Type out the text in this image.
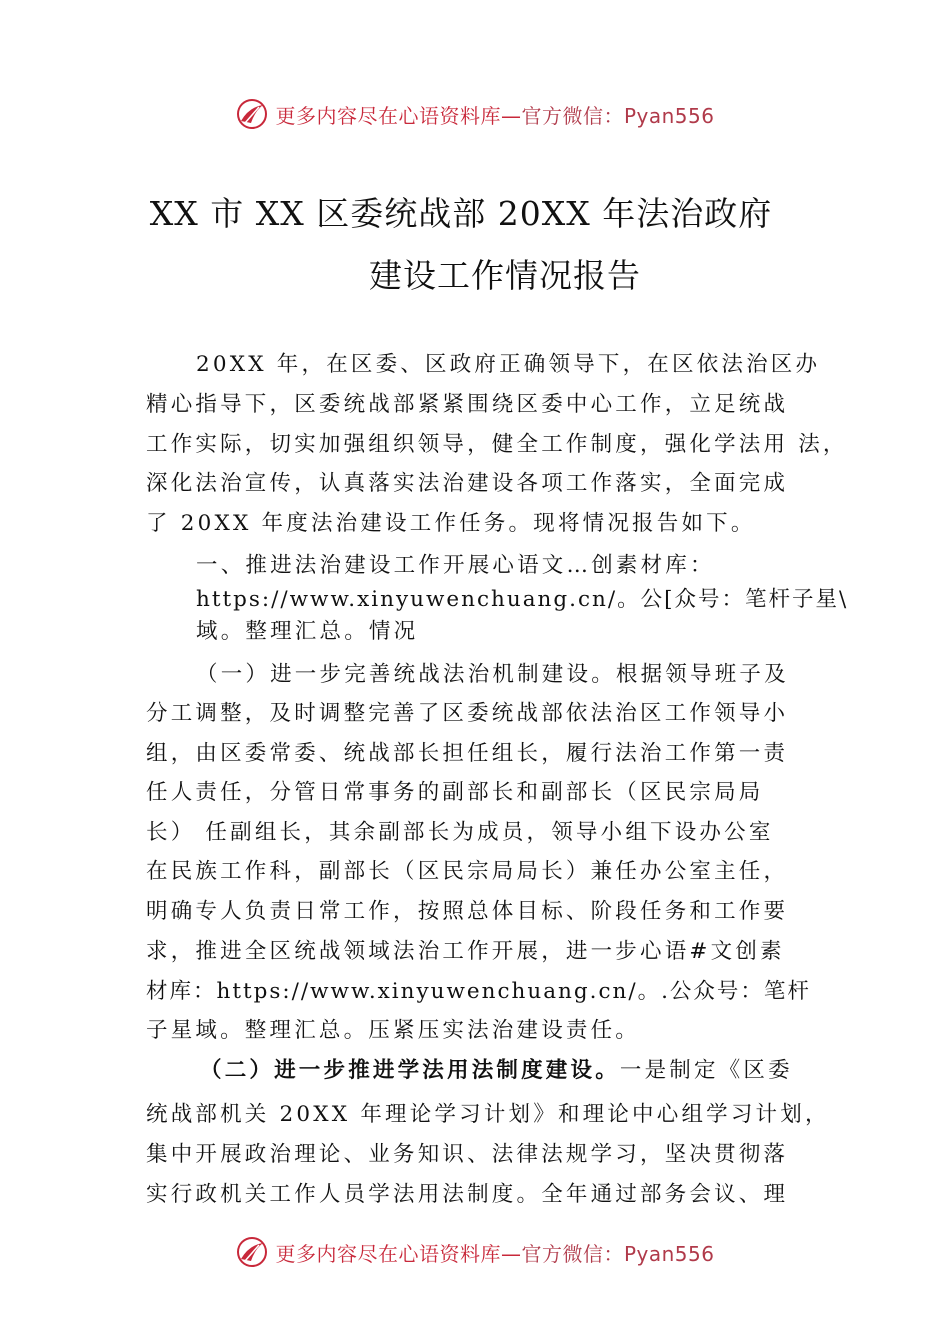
更多内容尽在心语资料库—官方微信：Pyan556
XX 市 XX 区委统战部 20XX 年法治政府
建设工作情况报告

20XX 年，在区委、区政府正确领导下，在区依法治区办

精心指导下，区委统战部紧紧围绕区委中心工作，立足统战

工作实际，切实加强组织领导，健全工作制度，强化学法用 法，

深化法治宣传，认真落实法治建设各项工作落实，全面完成

了 20XX 年度法治建设工作任务。现将情况报告如下。

一、推进法治建设工作开展心语文…创素材库：

https://www.xinyuwenchuang.cn/。公[众号：笔杆子星\

域。整理汇总。情况

（一）进一步完善统战法治机制建设。根据领导班子及

分工调整，及时调整完善了区委统战部依法治区工作领导小

组，由区委常委、统战部长担任组长，履行法治工作第一责

任人责任，分管日常事务的副部长和副部长（区民宗局局

长） 任副组长，其余副部长为成员，领导小组下设办公室

在民族工作科，副部长（区民宗局局长）兼任办公室主任，

明确专人负责日常工作，按照总体目标、阶段任务和工作要

求，推进全区统战领域法治工作开展，进一步心语#文创素

材库：https://www.xinyuwenchuang.cn/。.公众号：笔杆

子星域。整理汇总。压紧压实法治建设责任。

（二）进一步推进学法用法制度建设。一是制定《区委

统战部机关 20XX 年理论学习计划》和理论中心组学习计划，

集中开展政治理论、业务知识、法律法规学习，坚决贯彻落

实行政机关工作人员学法用法制度。全年通过部务会议、理

更多内容尽在心语资料库—官方微信：Pyan556
